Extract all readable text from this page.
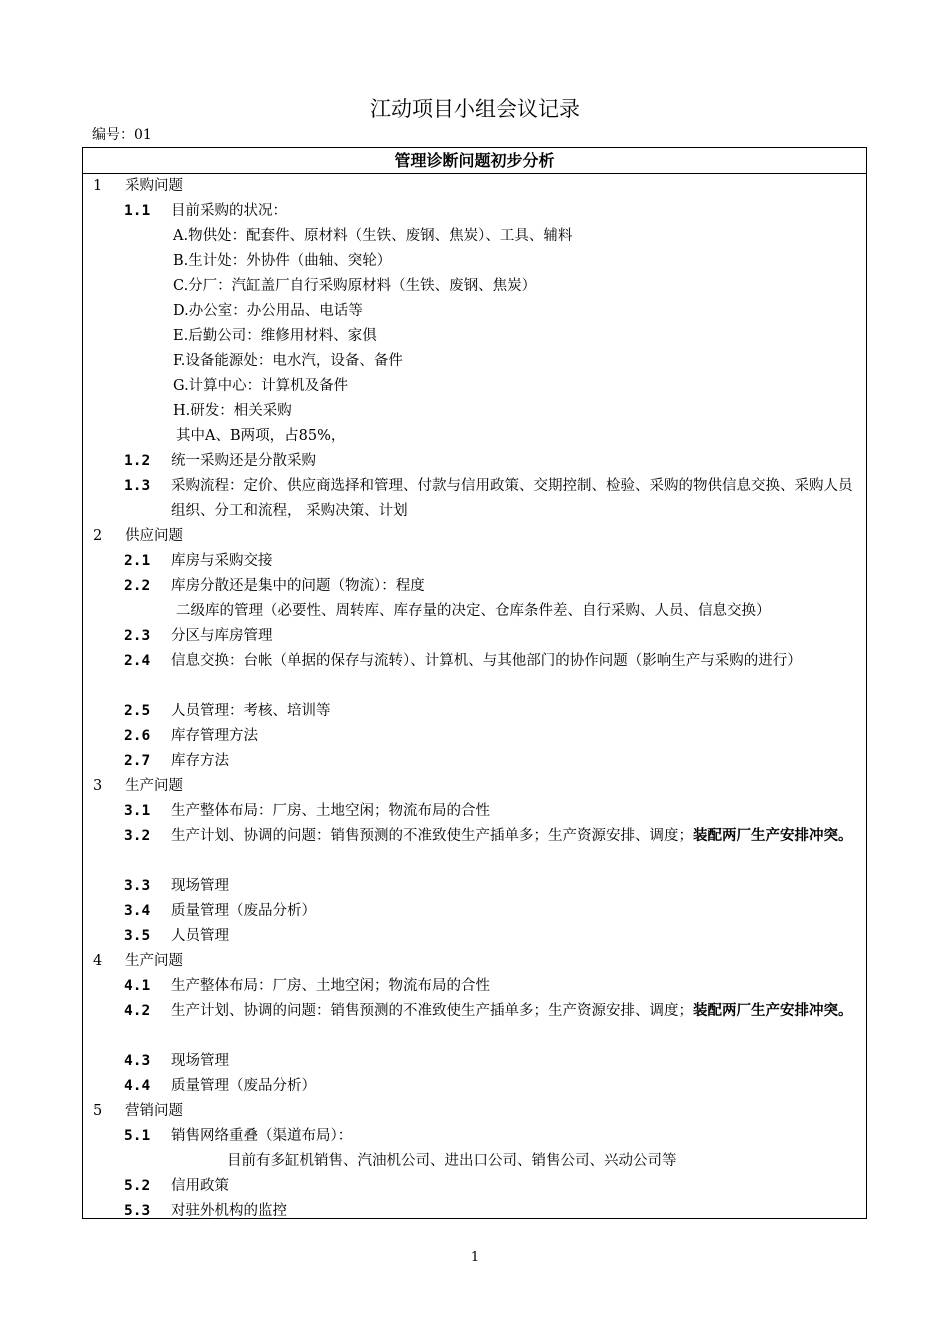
江动项目小组会议记录
编号：01
管理诊断问题初步分析
1 采购问题
1.1 目前采购的状况：
A.物供处：配套件、原材料（生铁、废钢、焦炭）、工具、辅料
B.生计处：外协件（曲轴、突轮）
C.分厂：汽缸盖厂自行采购原材料（生铁、废钢、焦炭）
D.办公室：办公用品、电话等
E.后勤公司：维修用材料、家俱
F.设备能源处：电水汽，设备、备件
G.计算中心：计算机及备件
H.研发：相关采购
其中A、B两项，占85%，
1.2 统一采购还是分散采购
1.3 采购流程：定价、供应商选择和管理、付款与信用政策、交期控制、检验、采购的物供信息交换、采购人员组织、分工和流程， 采购决策、计划
2 供应问题
2.1 库房与采购交接
2.2 库房分散还是集中的问题（物流）：程度
二级库的管理（必要性、周转库、库存量的决定、仓库条件差、自行采购、人员、信息交换）
2.3 分区与库房管理
2.4 信息交换：台帐（单据的保存与流转）、计算机、与其他部门的协作问题（影响生产与采购的进行）
2.5 人员管理：考核、培训等
2.6 库存管理方法
2.7 库存方法
3 生产问题
3.1 生产整体布局：厂房、土地空闲；物流布局的合性
3.2 生产计划、协调的问题：销售预测的不准致使生产插单多；生产资源安排、调度；装配两厂生产安排冲突。
3.3 现场管理
3.4 质量管理（废品分析）
3.5 人员管理
4 生产问题
4.1 生产整体布局：厂房、土地空闲；物流布局的合性
4.2 生产计划、协调的问题：销售预测的不准致使生产插单多；生产资源安排、调度；装配两厂生产安排冲突。
4.3 现场管理
4.4 质量管理（废品分析）
5 营销问题
5.1 销售网络重叠（渠道布局）：
目前有多缸机销售、汽油机公司、进出口公司、销售公司、兴动公司等
5.2 信用政策
5.3 对驻外机构的监控
1
